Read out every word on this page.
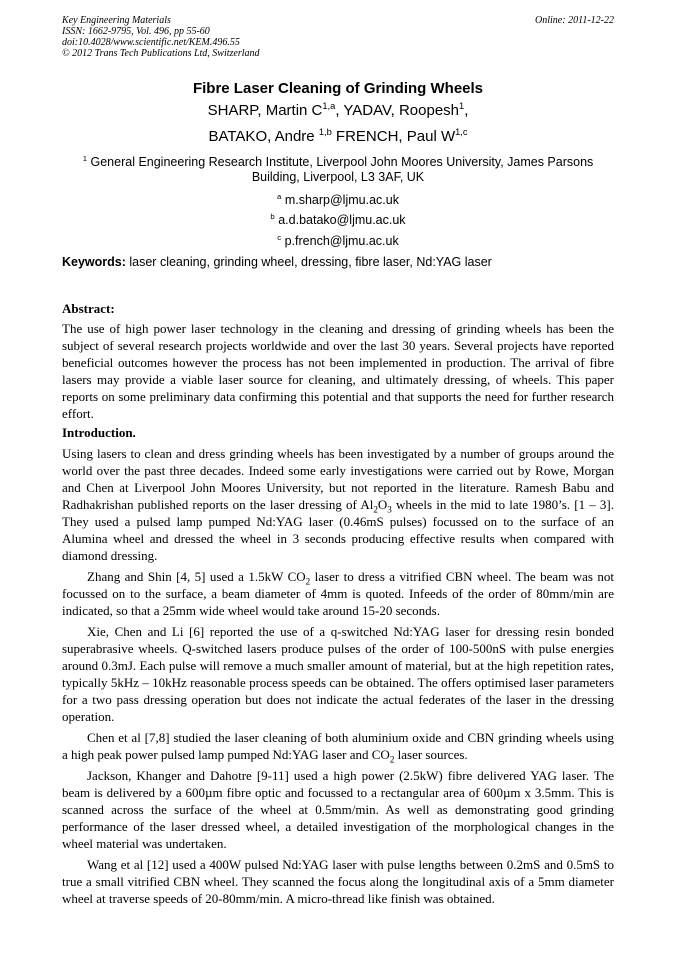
Key Engineering Materials
ISSN: 1662-9795, Vol. 496, pp 55-60
doi:10.4028/www.scientific.net/KEM.496.55
© 2012 Trans Tech Publications Ltd, Switzerland
Online: 2011-12-22
Fibre Laser Cleaning of Grinding Wheels
SHARP, Martin C$^{1,a}$, YADAV, Roopesh$^1$,
BATAKO, Andre $^{1,b}$ FRENCH, Paul W$^{1,c}$
$^1$ General Engineering Research Institute, Liverpool John Moores University, James Parsons
Building, Liverpool, L3 3AF, UK
$^a$ m.sharp@ljmu.ac.uk
$^b$ a.d.batako@ljmu.ac.uk
$^c$ p.french@ljmu.ac.uk
Keywords: laser cleaning, grinding wheel, dressing, fibre laser, Nd:YAG laser
Abstract:

The use of high power laser technology in the cleaning and dressing of grinding wheels has been the subject of several research projects worldwide and over the last 30 years. Several projects have reported beneficial outcomes however the process has not been implemented in production. The arrival of fibre lasers may provide a viable laser source for cleaning, and ultimately dressing, of wheels. This paper reports on some preliminary data confirming this potential and that supports the need for further research effort.

Introduction.

Using lasers to clean and dress grinding wheels has been investigated by a number of groups around the world over the past three decades. Indeed some early investigations were carried out by Rowe, Morgan and Chen at Liverpool John Moores University, but not reported in the literature. Ramesh Babu and Radhakrishan published reports on the laser dressing of $Al_2O_3$ wheels in the mid to late 1980’s. [1 – 3]. They used a pulsed lamp pumped Nd:YAG laser (0.46mS pulses) focussed on to the surface of an Alumina wheel and dressed the wheel in 3 seconds producing effective results when compared with diamond dressing.

Zhang and Shin [4, 5] used a 1.5kW $CO_2$ laser to dress a vitrified CBN wheel. The beam was not focussed on to the surface, a beam diameter of 4mm is quoted. Infeeds of the order of 80mm/min are indicated, so that a 25mm wide wheel would take around 15-20 seconds.

Xie, Chen and Li [6] reported the use of a q-switched Nd:YAG laser for dressing resin bonded superabrasive wheels. Q-switched lasers produce pulses of the order of 100-500nS with pulse energies around 0.3mJ. Each pulse will remove a much smaller amount of material, but at the high repetition rates, typically 5kHz – 10kHz reasonable process speeds can be obtained. The offers optimised laser parameters for a two pass dressing operation but does not indicate the actual federates of the laser in the dressing operation.

Chen et al [7,8] studied the laser cleaning of both aluminium oxide and CBN grinding wheels using a high peak power pulsed lamp pumped Nd:YAG laser and $CO_2$ laser sources.

Jackson, Khanger and Dahotre [9-11] used a high power (2.5kW) fibre delivered YAG laser. The beam is delivered by a 600µm fibre optic and focussed to a rectangular area of 600µm x 3.5mm. This is scanned across the surface of the wheel at 0.5mm/min. As well as demonstrating good grinding performance of the laser dressed wheel, a detailed investigation of the morphological changes in the wheel material was undertaken.

Wang et al [12] used a 400W pulsed Nd:YAG laser with pulse lengths between 0.2mS and 0.5mS to true a small vitrified CBN wheel. They scanned the focus along the longitudinal axis of a 5mm diameter wheel at traverse speeds of 20-80mm/min. A micro-thread like finish was obtained.
